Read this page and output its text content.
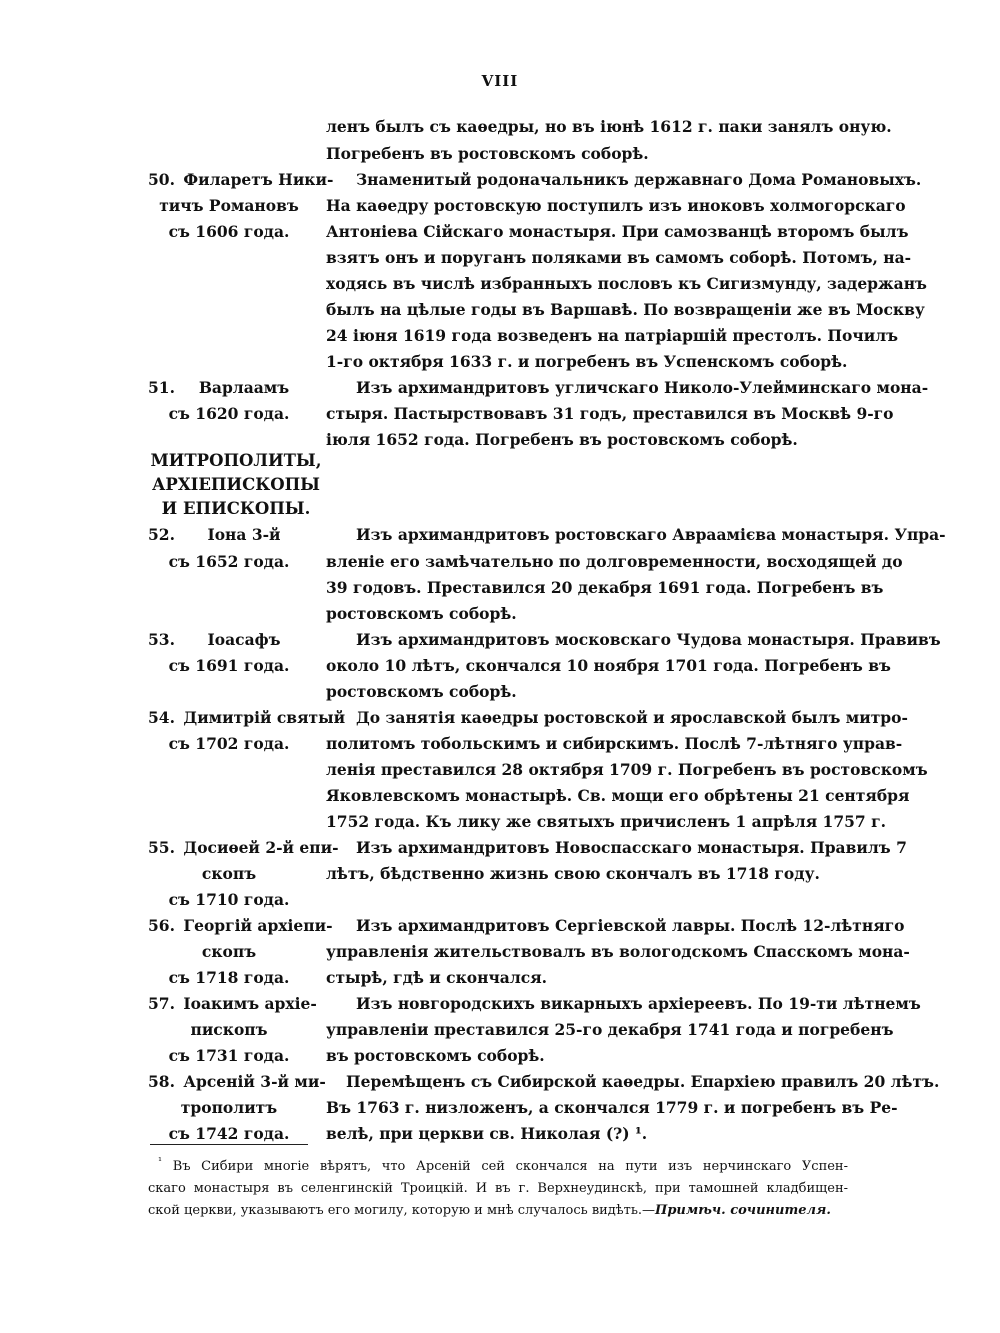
VIII
ленъ былъ съ каѳедры, но въ іюнѣ 1612 г. паки занялъ оную.
Погребенъ въ ростовскомъ соборѣ.
50. Филаретъ Ники-
тичъ Романовъ
съ 1606 года.
Знаменитый родоначальникъ державнаго Дома Романовыхъ.
На каѳедру ростовскую поступилъ изъ иноковъ холмогорскаго
Антоніева Сійскаго монастыря. При самозванцѣ второмъ былъ
взятъ онъ и поруганъ поляками въ самомъ соборѣ. Потомъ, на-
ходясь въ числѣ избранныхъ пословъ къ Сигизмунду, задержанъ
былъ на цѣлые годы въ Варшавѣ. По возвращеніи же въ Москву
24 іюня 1619 года возведенъ на патріаршій престолъ. Почилъ
1-го октября 1633 г. и погребенъ въ Успенскомъ соборѣ.
51. Варлаамъ
съ 1620 года.
Изъ архимандритовъ угличскаго Николо-Улейминскаго мона-
стыря. Пастырствовавъ 31 годъ, преставился въ Москвѣ 9-го
іюля 1652 года. Погребенъ въ ростовскомъ соборѣ.
МИТРОПОЛИТЫ,
АРХІЕПИСКОПЫ
И ЕПИСКОПЫ.
52. Іона 3-й
съ 1652 года.
Изъ архимандритовъ ростовскаго Авраамієва монастыря. Упра-
вленіе его замѣчательно по долговременности, восходящей до
39 годовъ. Преставился 20 декабря 1691 года. Погребенъ въ
ростовскомъ соборѣ.
53. Іоасафъ
съ 1691 года.
Изъ архимандритовъ московскаго Чудова монастыря. Правивъ
около 10 лѣтъ, скончался 10 ноября 1701 года. Погребенъ въ
ростовскомъ соборѣ.
54. Димитрій святый
съ 1702 года.
До занятія каѳедры ростовской и ярославской былъ митро-
политомъ тобольскимъ и сибирскимъ. Послѣ 7-лѣтняго управ-
ленія преставился 28 октября 1709 г. Погребенъ въ ростовскомъ
Яковлевскомъ монастырѣ. Св. мощи его обрѣтены 21 сентября
1752 года. Къ лику же святыхъ причисленъ 1 апрѣля 1757 г.
55. Досиѳей 2-й епи-
скопъ
съ 1710 года.
Изъ архимандритовъ Новоспасскаго монастыря. Правилъ 7
лѣтъ, бѣдственно жизнь свою скончалъ въ 1718 году.
56. Георгій архіепи-
скопъ
съ 1718 года.
Изъ архимандритовъ Сергіевской лавры. Послѣ 12-лѣтняго
управленія жительствовалъ въ вологодскомъ Спасскомъ мона-
стырѣ, гдѣ и скончался.
57. Іоакимъ архіе-
пископъ
съ 1731 года.
Изъ новгородскихъ викарныхъ архіереевъ. По 19-ти лѣтнемъ
управленіи преставился 25-го декабря 1741 года и погребенъ
въ ростовскомъ соборѣ.
58. Арсеній 3-й ми-
трополитъ
съ 1742 года.
Перемѣщенъ съ Сибирской каѳедры. Епархіею правилъ 20 лѣтъ.
Въ 1763 г. низложенъ, а скончался 1779 г. и погребенъ въ Ре-
велѣ, при церкви св. Николая (?) ¹.
$^{^1}$ Въ Сибири многіе вѣрятъ, что Арсеній сей скончался на пути изъ нерчинскаго Успен-
скаго монастыря въ селенгинскій Троицкій. И въ г. Верхнеудинскѣ, при тамошней кладбищен-
ской церкви, указываютъ его могилу, которую и мнѣ случалось видѣть.—Примѣч. сочинителя.
